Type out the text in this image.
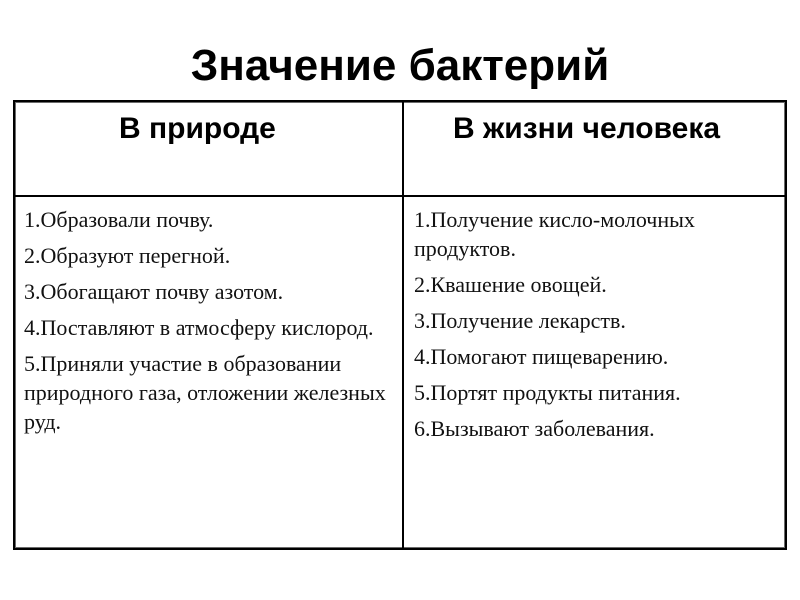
Значение бактерий
В природе	В жизни человека
1.Образовали почву.
2.Образуют перегной.
3.Обогащают почву азотом.
4.Поставляют в атмосферу кислород.
5.Приняли участие в образовании природного газа, отложении железных руд.
1.Получение кисло-молочных продуктов.
2.Квашение овощей.
3.Получение лекарств.
4.Помогают пищеварению.
5.Портят продукты питания.
6.Вызывают заболевания.
